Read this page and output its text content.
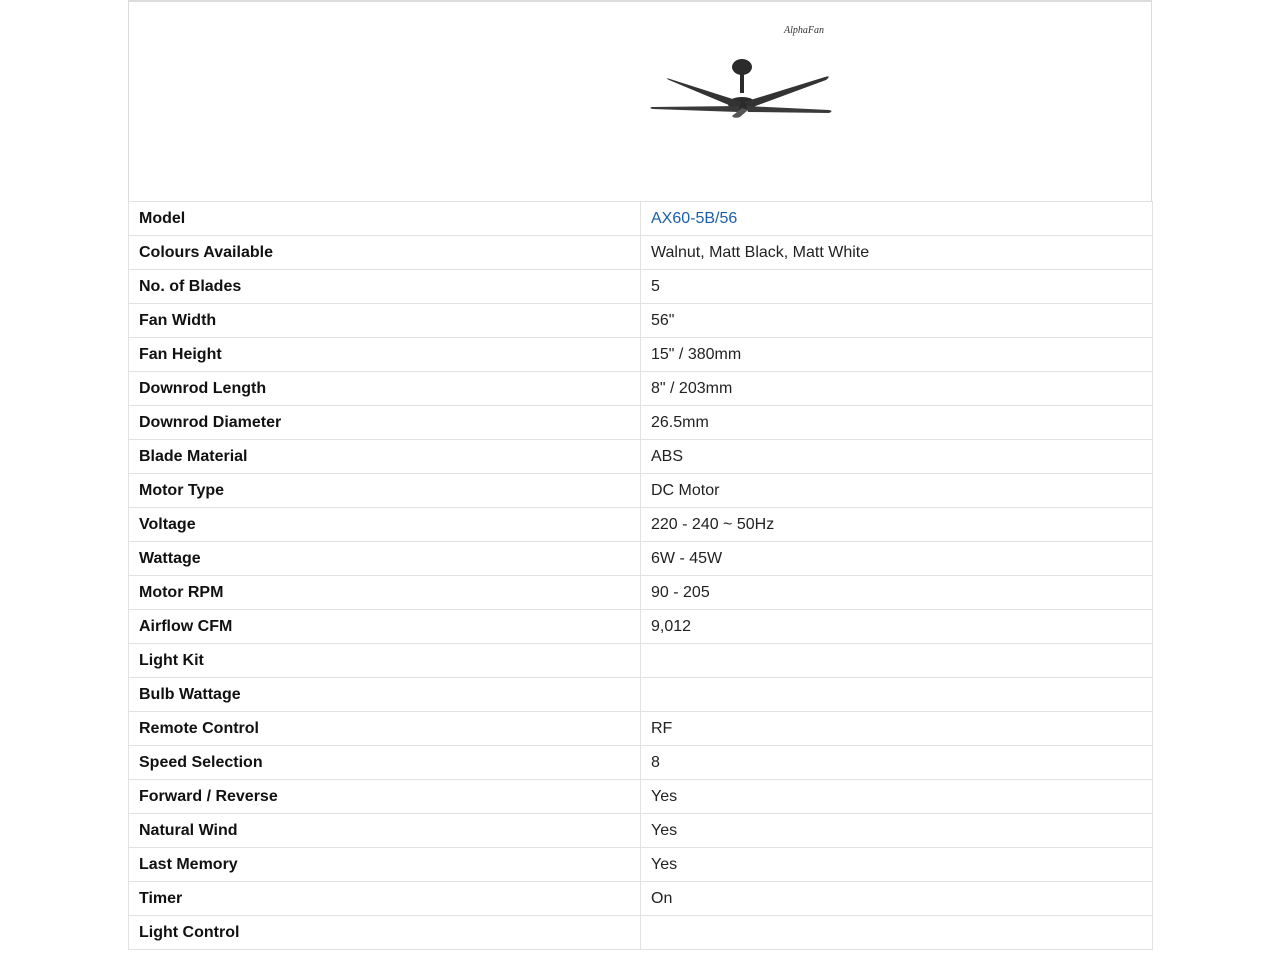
AlphaFan
Model	AX60-5B/56
Colours Available	Walnut, Matt Black, Matt White
No. of Blades	5
Fan Width	56"
Fan Height	15" / 380mm
Downrod Length	8" / 203mm
Downrod Diameter	26.5mm
Blade Material	ABS
Motor Type	DC Motor
Voltage	220 - 240 ~ 50Hz
Wattage	6W - 45W
Motor RPM	90 - 205
Airflow CFM	9,012
Light Kit	
Bulb Wattage	
Remote Control	RF
Speed Selection	8
Forward / Reverse	Yes
Natural Wind	Yes
Last Memory	Yes
Timer	On
Light Control	
